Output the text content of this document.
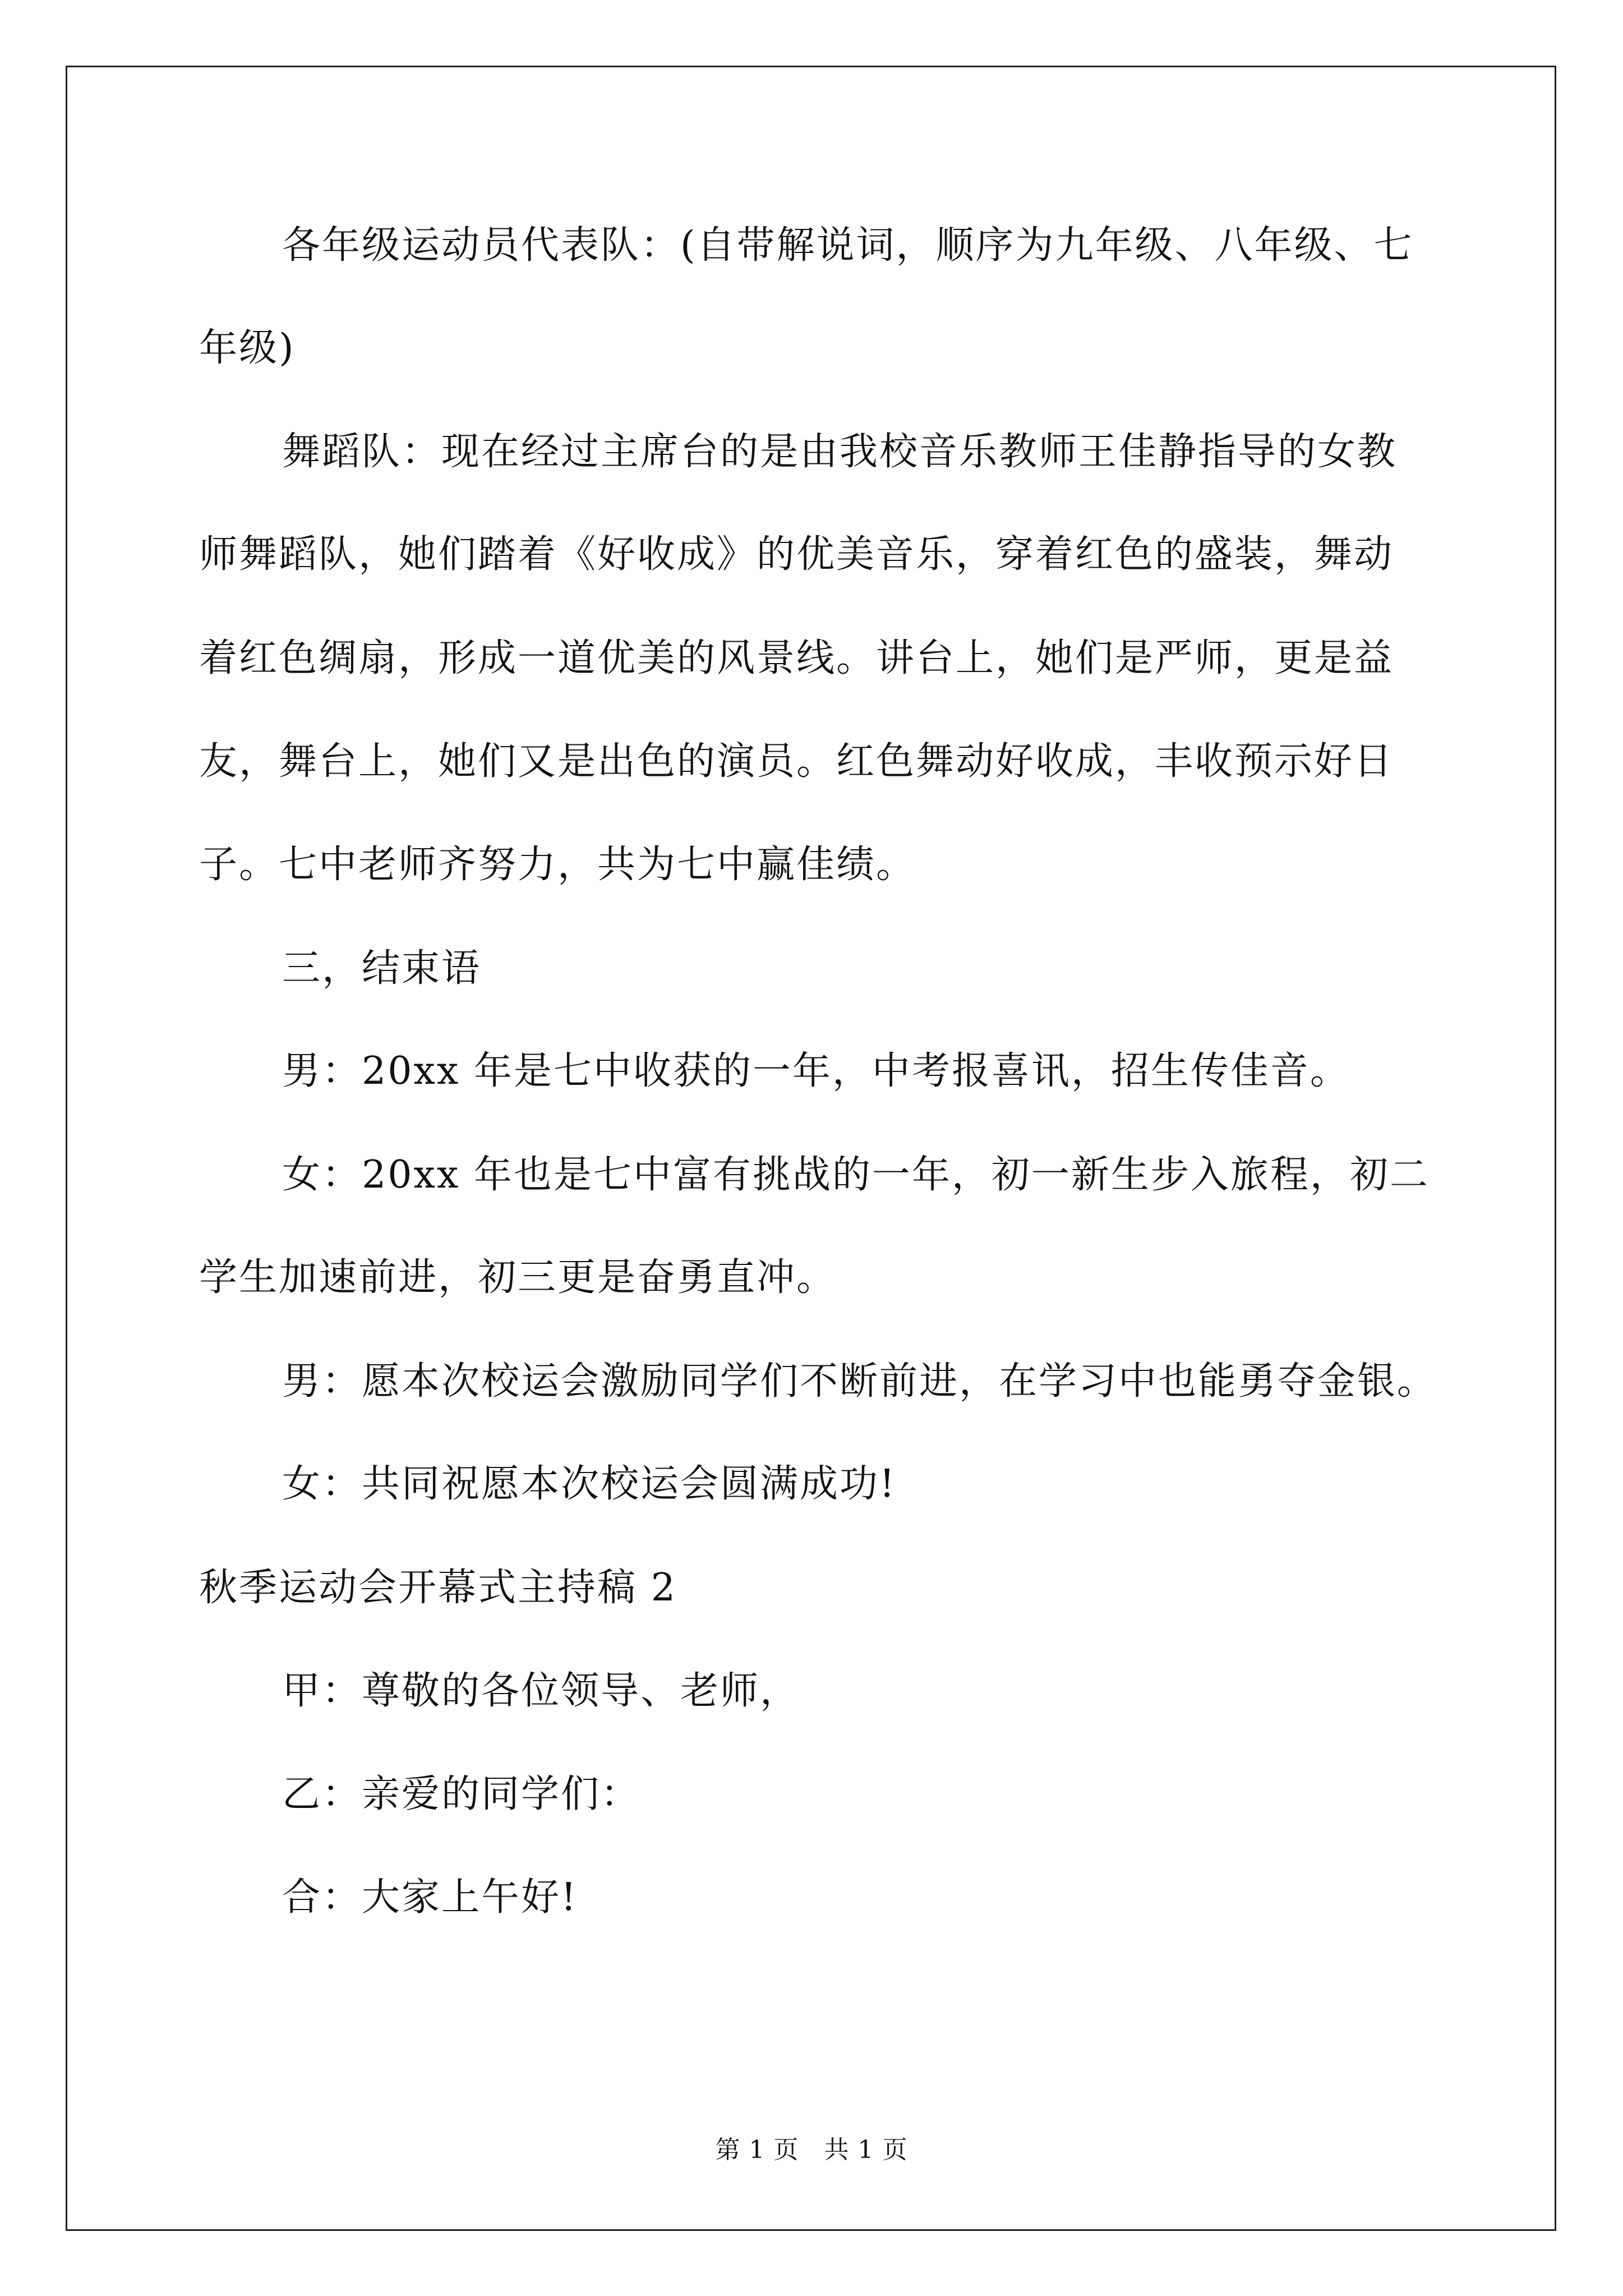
各年级运动员代表队：(自带解说词，顺序为九年级、八年级、七
年级)
舞蹈队：现在经过主席台的是由我校音乐教师王佳静指导的女教
师舞蹈队，她们踏着《好收成》的优美音乐，穿着红色的盛装，舞动
着红色绸扇，形成一道优美的风景线。讲台上，她们是严师，更是益
友，舞台上，她们又是出色的演员。红色舞动好收成，丰收预示好日
子。七中老师齐努力，共为七中赢佳绩。
三，结束语
男：20xx 年是七中收获的一年，中考报喜讯，招生传佳音。
女：20xx 年也是七中富有挑战的一年，初一新生步入旅程，初二
学生加速前进，初三更是奋勇直冲。
男：愿本次校运会激励同学们不断前进，在学习中也能勇夺金银。
女：共同祝愿本次校运会圆满成功!
秋季运动会开幕式主持稿 2
甲：尊敬的各位领导、老师，
乙：亲爱的同学们：
合：大家上午好!
第 1 页   共 1 页
